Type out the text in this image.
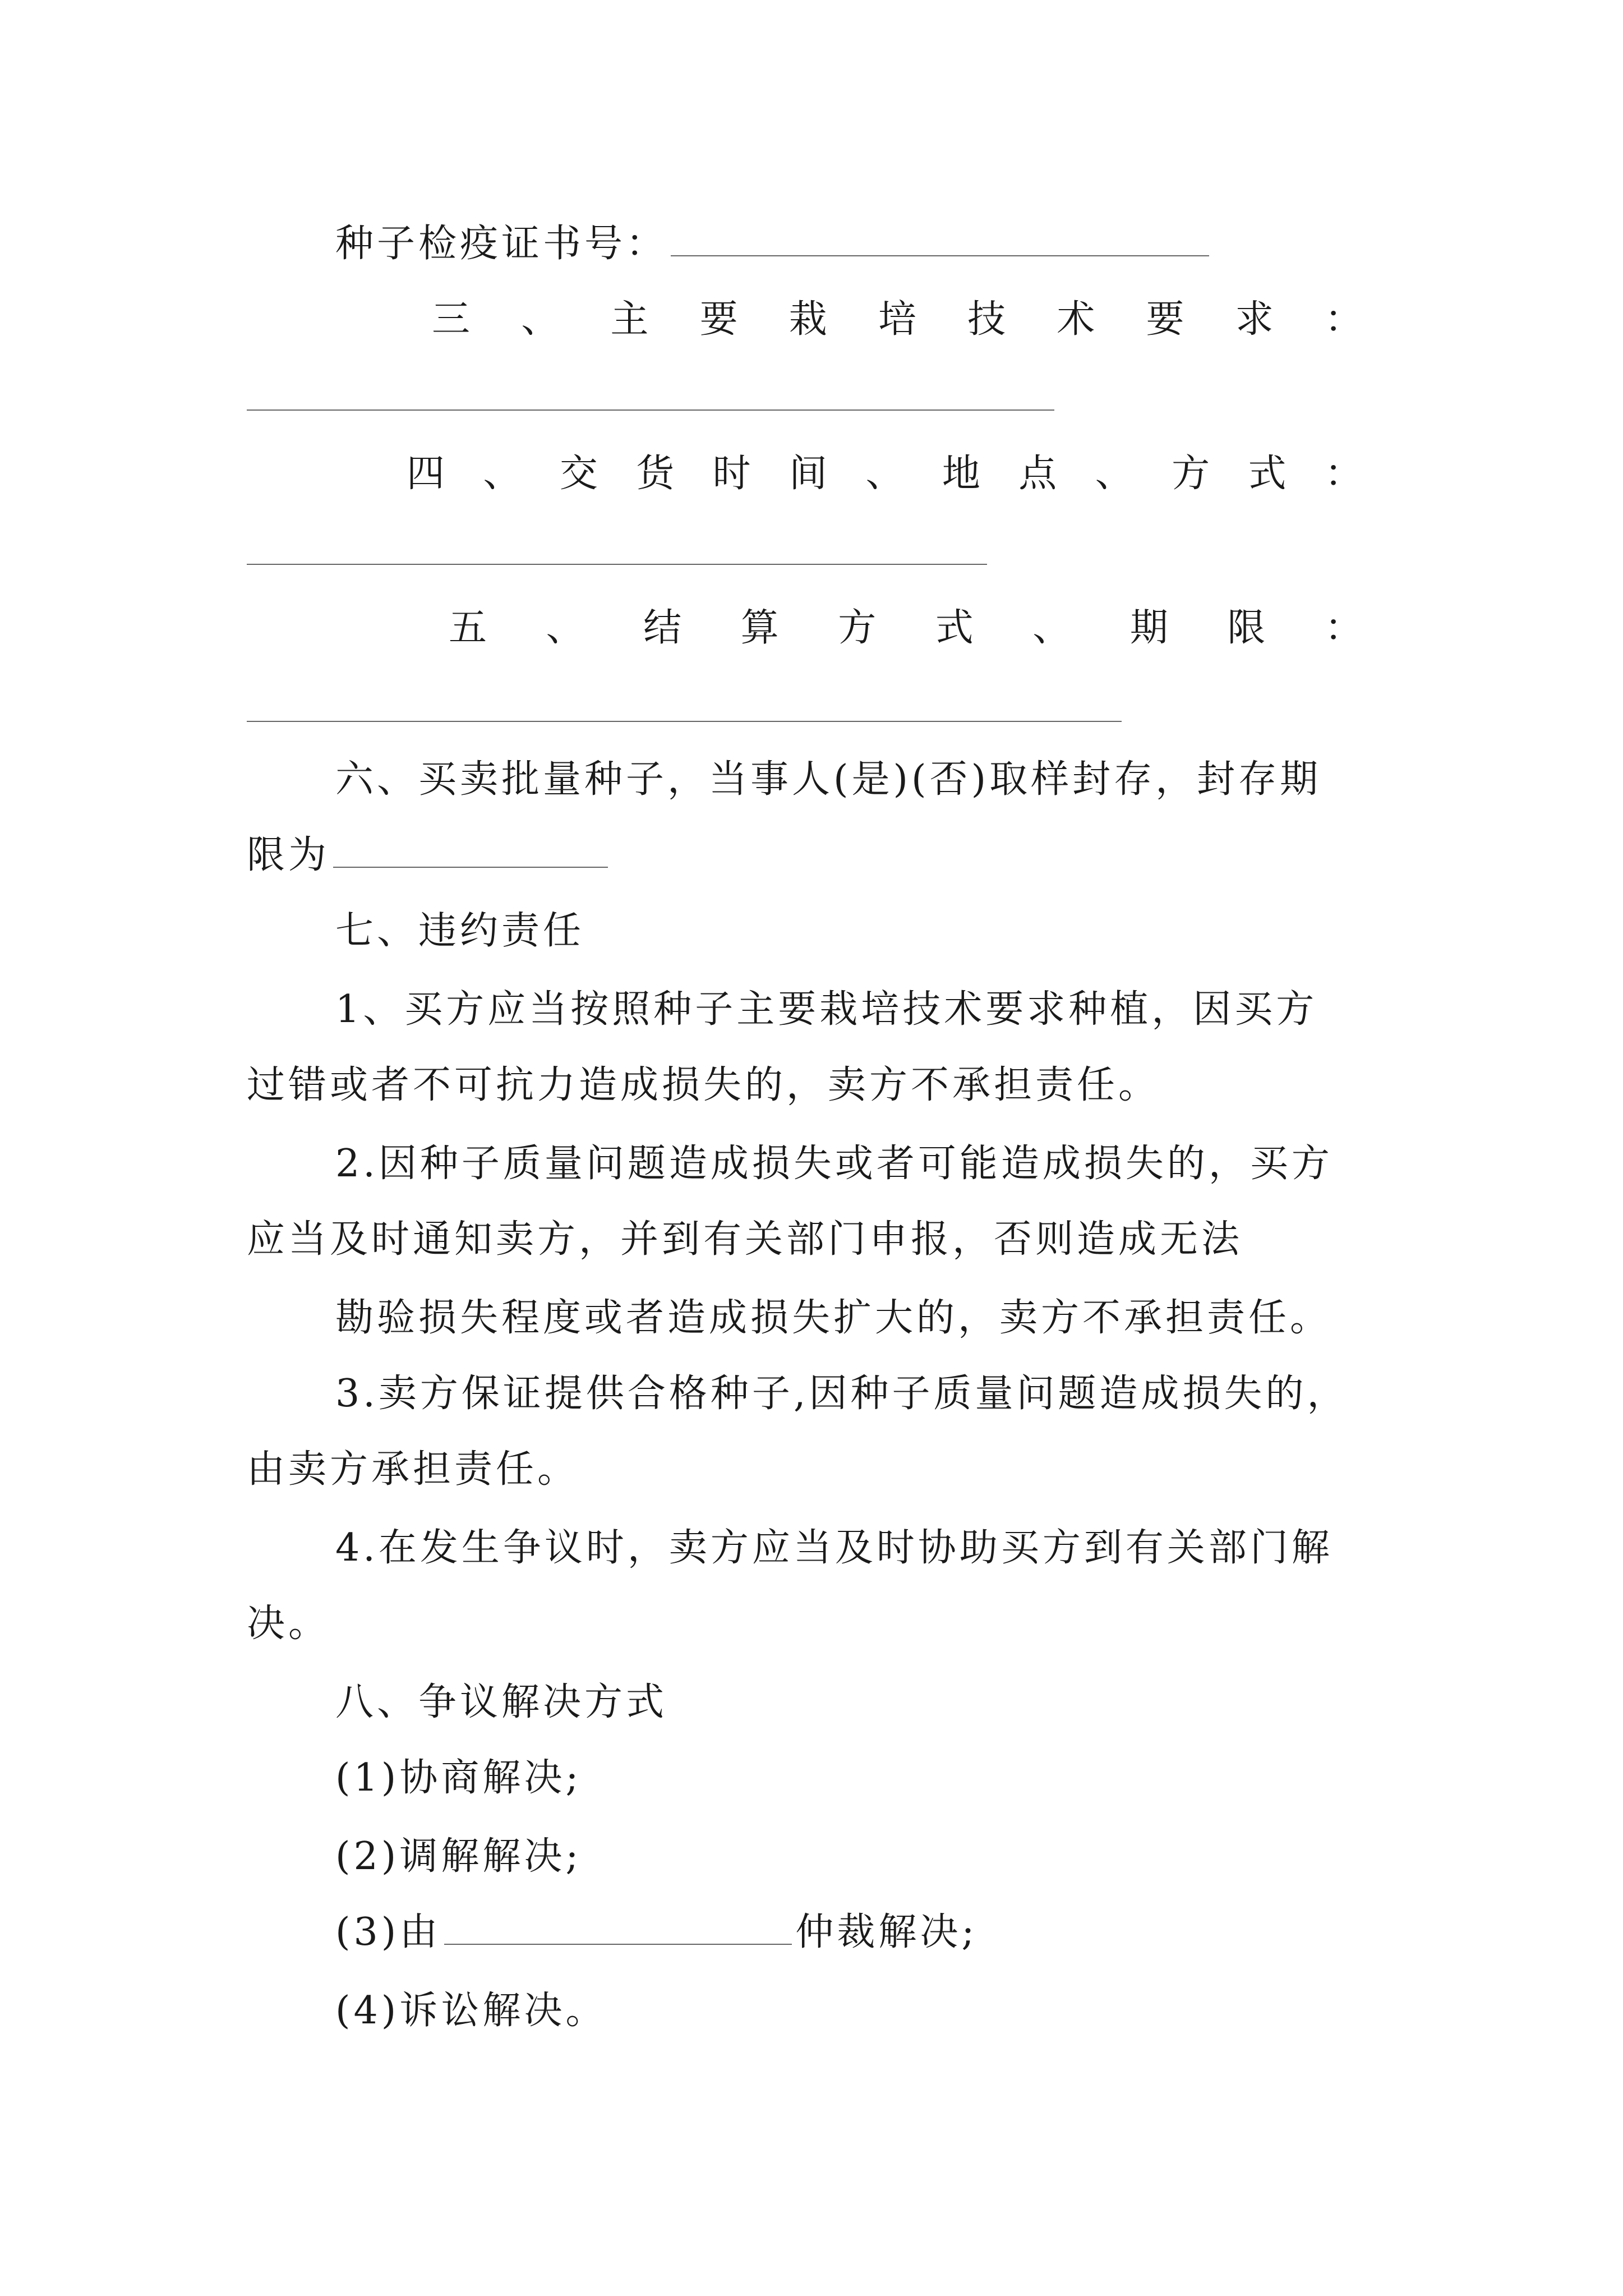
种子检疫证书号：
三 、 主 要 栽 培 技 术 要 求 ：
四 、 交 货 时 间 、 地 点 、 方 式 ：
五 、 结 算 方 式 、 期 限 ：
六、买卖批量种子，当事人(是)(否)取样封存，封存期
限为
七、违约责任
1、买方应当按照种子主要栽培技术要求种植，因买方
过错或者不可抗力造成损失的，卖方不承担责任。
2.因种子质量问题造成损失或者可能造成损失的，买方
应当及时通知卖方，并到有关部门申报，否则造成无法
勘验损失程度或者造成损失扩大的，卖方不承担责任。
3.卖方保证提供合格种子,因种子质量问题造成损失的，
由卖方承担责任。
4.在发生争议时，卖方应当及时协助买方到有关部门解
决。
八、争议解决方式
(1)协商解决;
(2)调解解决;
(3)由	仲裁解决;
(4)诉讼解决。
